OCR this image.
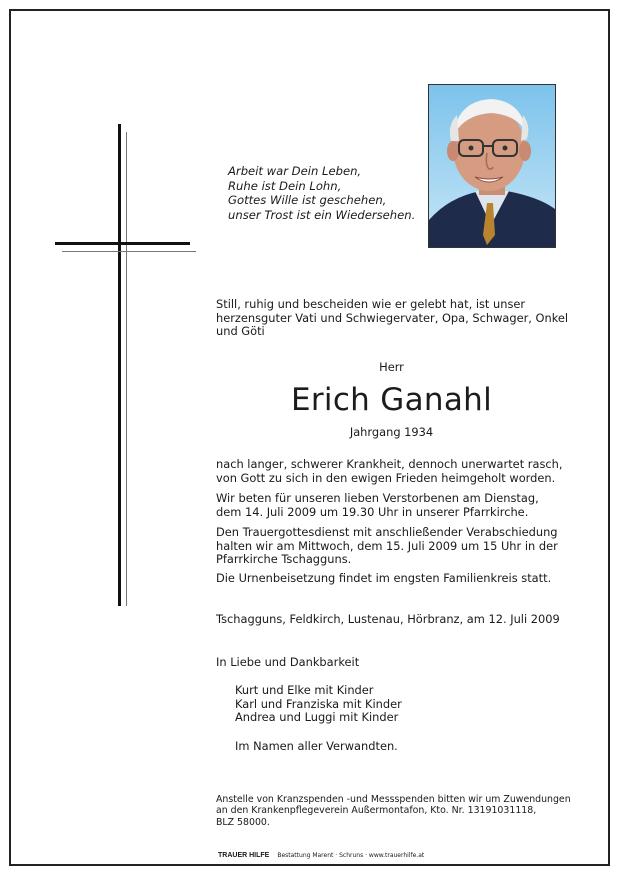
Arbeit war Dein Leben,
Ruhe ist Dein Lohn,
Gottes Wille ist geschehen,
unser Trost ist ein Wiedersehen.
Still, ruhig und bescheiden wie er gelebt hat, ist unser
herzensguter Vati und Schwiegervater, Opa, Schwager, Onkel
und Göti
Herr
Erich Ganahl
Jahrgang 1934
nach langer, schwerer Krankheit, dennoch unerwartet rasch,
von Gott zu sich in den ewigen Frieden heimgeholt worden.
Wir beten für unseren lieben Verstorbenen am Dienstag,
dem 14. Juli 2009 um 19.30 Uhr in unserer Pfarrkirche.
Den Trauergottesdienst mit anschließender Verabschiedung
halten wir am Mittwoch, dem 15. Juli 2009 um 15 Uhr in der
Pfarrkirche Tschagguns.
Die Urnenbeisetzung findet im engsten Familienkreis statt.
Tschagguns, Feldkirch, Lustenau, Hörbranz, am 12. Juli 2009
In Liebe und Dankbarkeit
Kurt und Elke mit Kinder
Karl und Franziska mit Kinder
Andrea und Luggi mit Kinder
Im Namen aller Verwandten.
Anstelle von Kranzspenden -und Messspenden bitten wir um Zuwendungen
an den Krankenpflegeverein Außermontafon, Kto. Nr. 13191031118,
BLZ 58000.
TRAUER HILFE Bestattung Marent · Schruns · www.trauerhilfe.at
